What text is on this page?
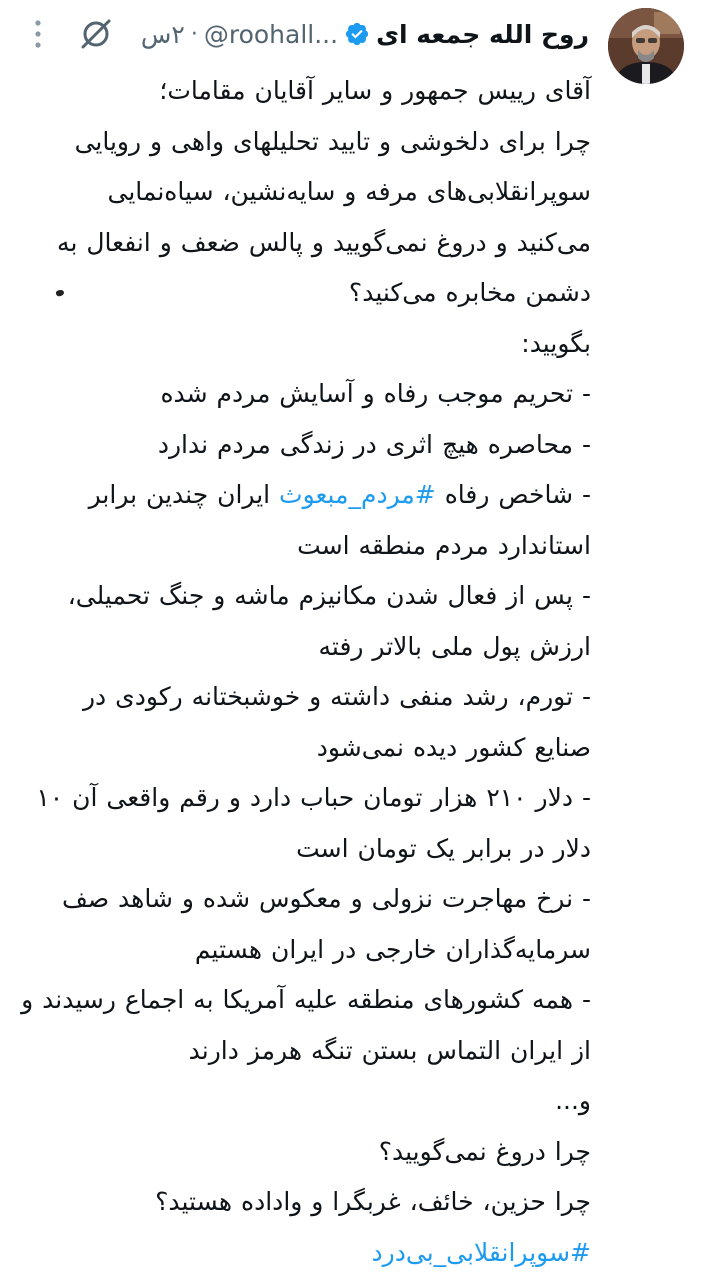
روح الله جمعه ای
@roohall...
·
۲س
آقای رییس جمهور و سایر آقایان مقامات؛
چرا برای دلخوشی و تایید تحلیلهای واهی و رویایی
سوپرانقلابی‌های مرفه و سایه‌نشین، سیاه‌نمایی
می‌کنید و دروغ نمی‌گویید و پالس ضعف و انفعال به
دشمن مخابره می‌کنید؟
بگویید:
- تحریم موجب رفاه و آسایش مردم شده
- محاصره هیچ اثری در زندگی مردم ندارد
- شاخص رفاه #مردم_مبعوث ایران چندین برابر
استاندارد مردم منطقه است
- پس از فعال شدن مکانیزم ماشه و جنگ تحمیلی،
ارزش پول ملی بالاتر رفته
- تورم، رشد منفی داشته و خوشبختانه رکودی در
صنایع کشور دیده نمی‌شود
- دلار ۲۱۰ هزار تومان حباب دارد و رقم واقعی آن ۱۰
دلار در برابر یک تومان است
- نرخ مهاجرت نزولی و معکوس شده و شاهد صف
سرمایه‌گذاران خارجی در ایران هستیم
- همه کشورهای منطقه علیه آمریکا به اجماع رسیدند و
از ایران التماس بستن تنگه هرمز دارند
و...
چرا دروغ نمی‌گویید؟
چرا حزین، خائف، غربگرا و واداده هستید؟
#سوپرانقلابی_بی‌درد
